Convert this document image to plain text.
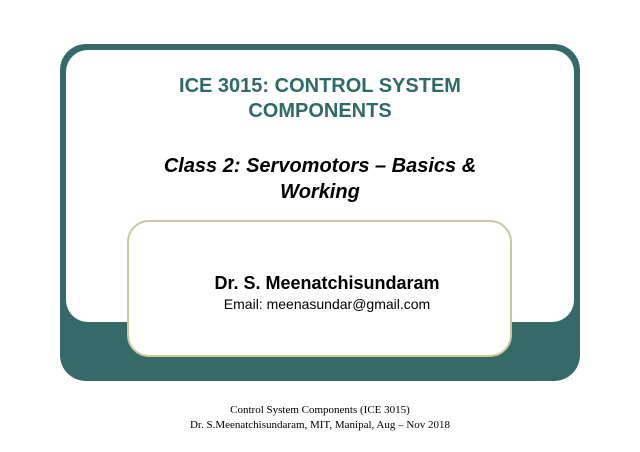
ICE 3015: CONTROL SYSTEM
COMPONENTS
Class 2: Servomotors – Basics &
Working
Dr. S. Meenatchisundaram
Email: meenasundar@gmail.com
Control System Components (ICE 3015)
Dr. S.Meenatchisundaram, MIT, Manipal, Aug – Nov 2018
